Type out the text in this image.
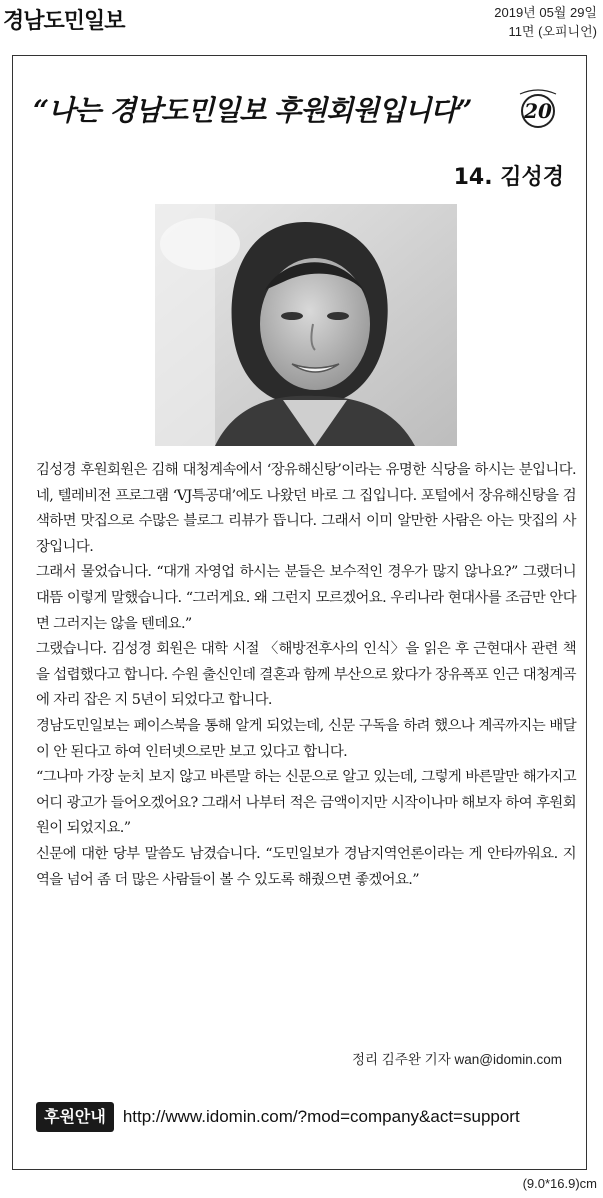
경남도민일보	2019년 05월 29일
11면 (오피니언)
“나는 경남도민일보 후원회원입니다”	20
14. 김성경

김성경 후원회원은 김해 대청계속에서 ‘장유해신탕’이라는 유명한 식당을 하시는 분입니다. 네, 텔레비전 프로그램 ‘VJ특공대’에도 나왔던 바로 그 집입니다. 포털에서 장유해신탕을 검색하면 맛집으로 수많은 블로그 리뷰가 뜹니다. 그래서 이미 알만한 사람은 아는 맛집의 사장입니다.

그래서 물었습니다. “대개 자영업 하시는 분들은 보수적인 경우가 많지 않나요?” 그랬더니 대뜸 이렇게 말했습니다. “그러게요. 왜 그런지 모르겠어요. 우리나라 현대사를 조금만 안다면 그러지는 않을 텐데요.”

그랬습니다. 김성경 회원은 대학 시절 〈해방전후사의 인식〉을 읽은 후 근현대사 관련 책을 섭렵했다고 합니다. 수원 출신인데 결혼과 함께 부산으로 왔다가 장유폭포 인근 대청계곡에 자리 잡은 지 5년이 되었다고 합니다.

경남도민일보는 페이스북을 통해 알게 되었는데, 신문 구독을 하려 했으나 계곡까지는 배달이 안 된다고 하여 인터넷으로만 보고 있다고 합니다.

“그나마 가장 눈치 보지 않고 바른말 하는 신문으로 알고 있는데, 그렇게 바른말만 해가지고 어디 광고가 들어오겠어요? 그래서 나부터 적은 금액이지만 시작이나마 해보자 하여 후원회원이 되었지요.”

신문에 대한 당부 말씀도 남겼습니다. “도민일보가 경남지역언론이라는 게 안타까워요. 지역을 넘어 좀 더 많은 사람들이 볼 수 있도록 해줬으면 좋겠어요.”

정리 김주완 기자 wan@idomin.com
후원안내	http://www.idomin.com/?mod=company&act=support
(9.0*16.9)cm
